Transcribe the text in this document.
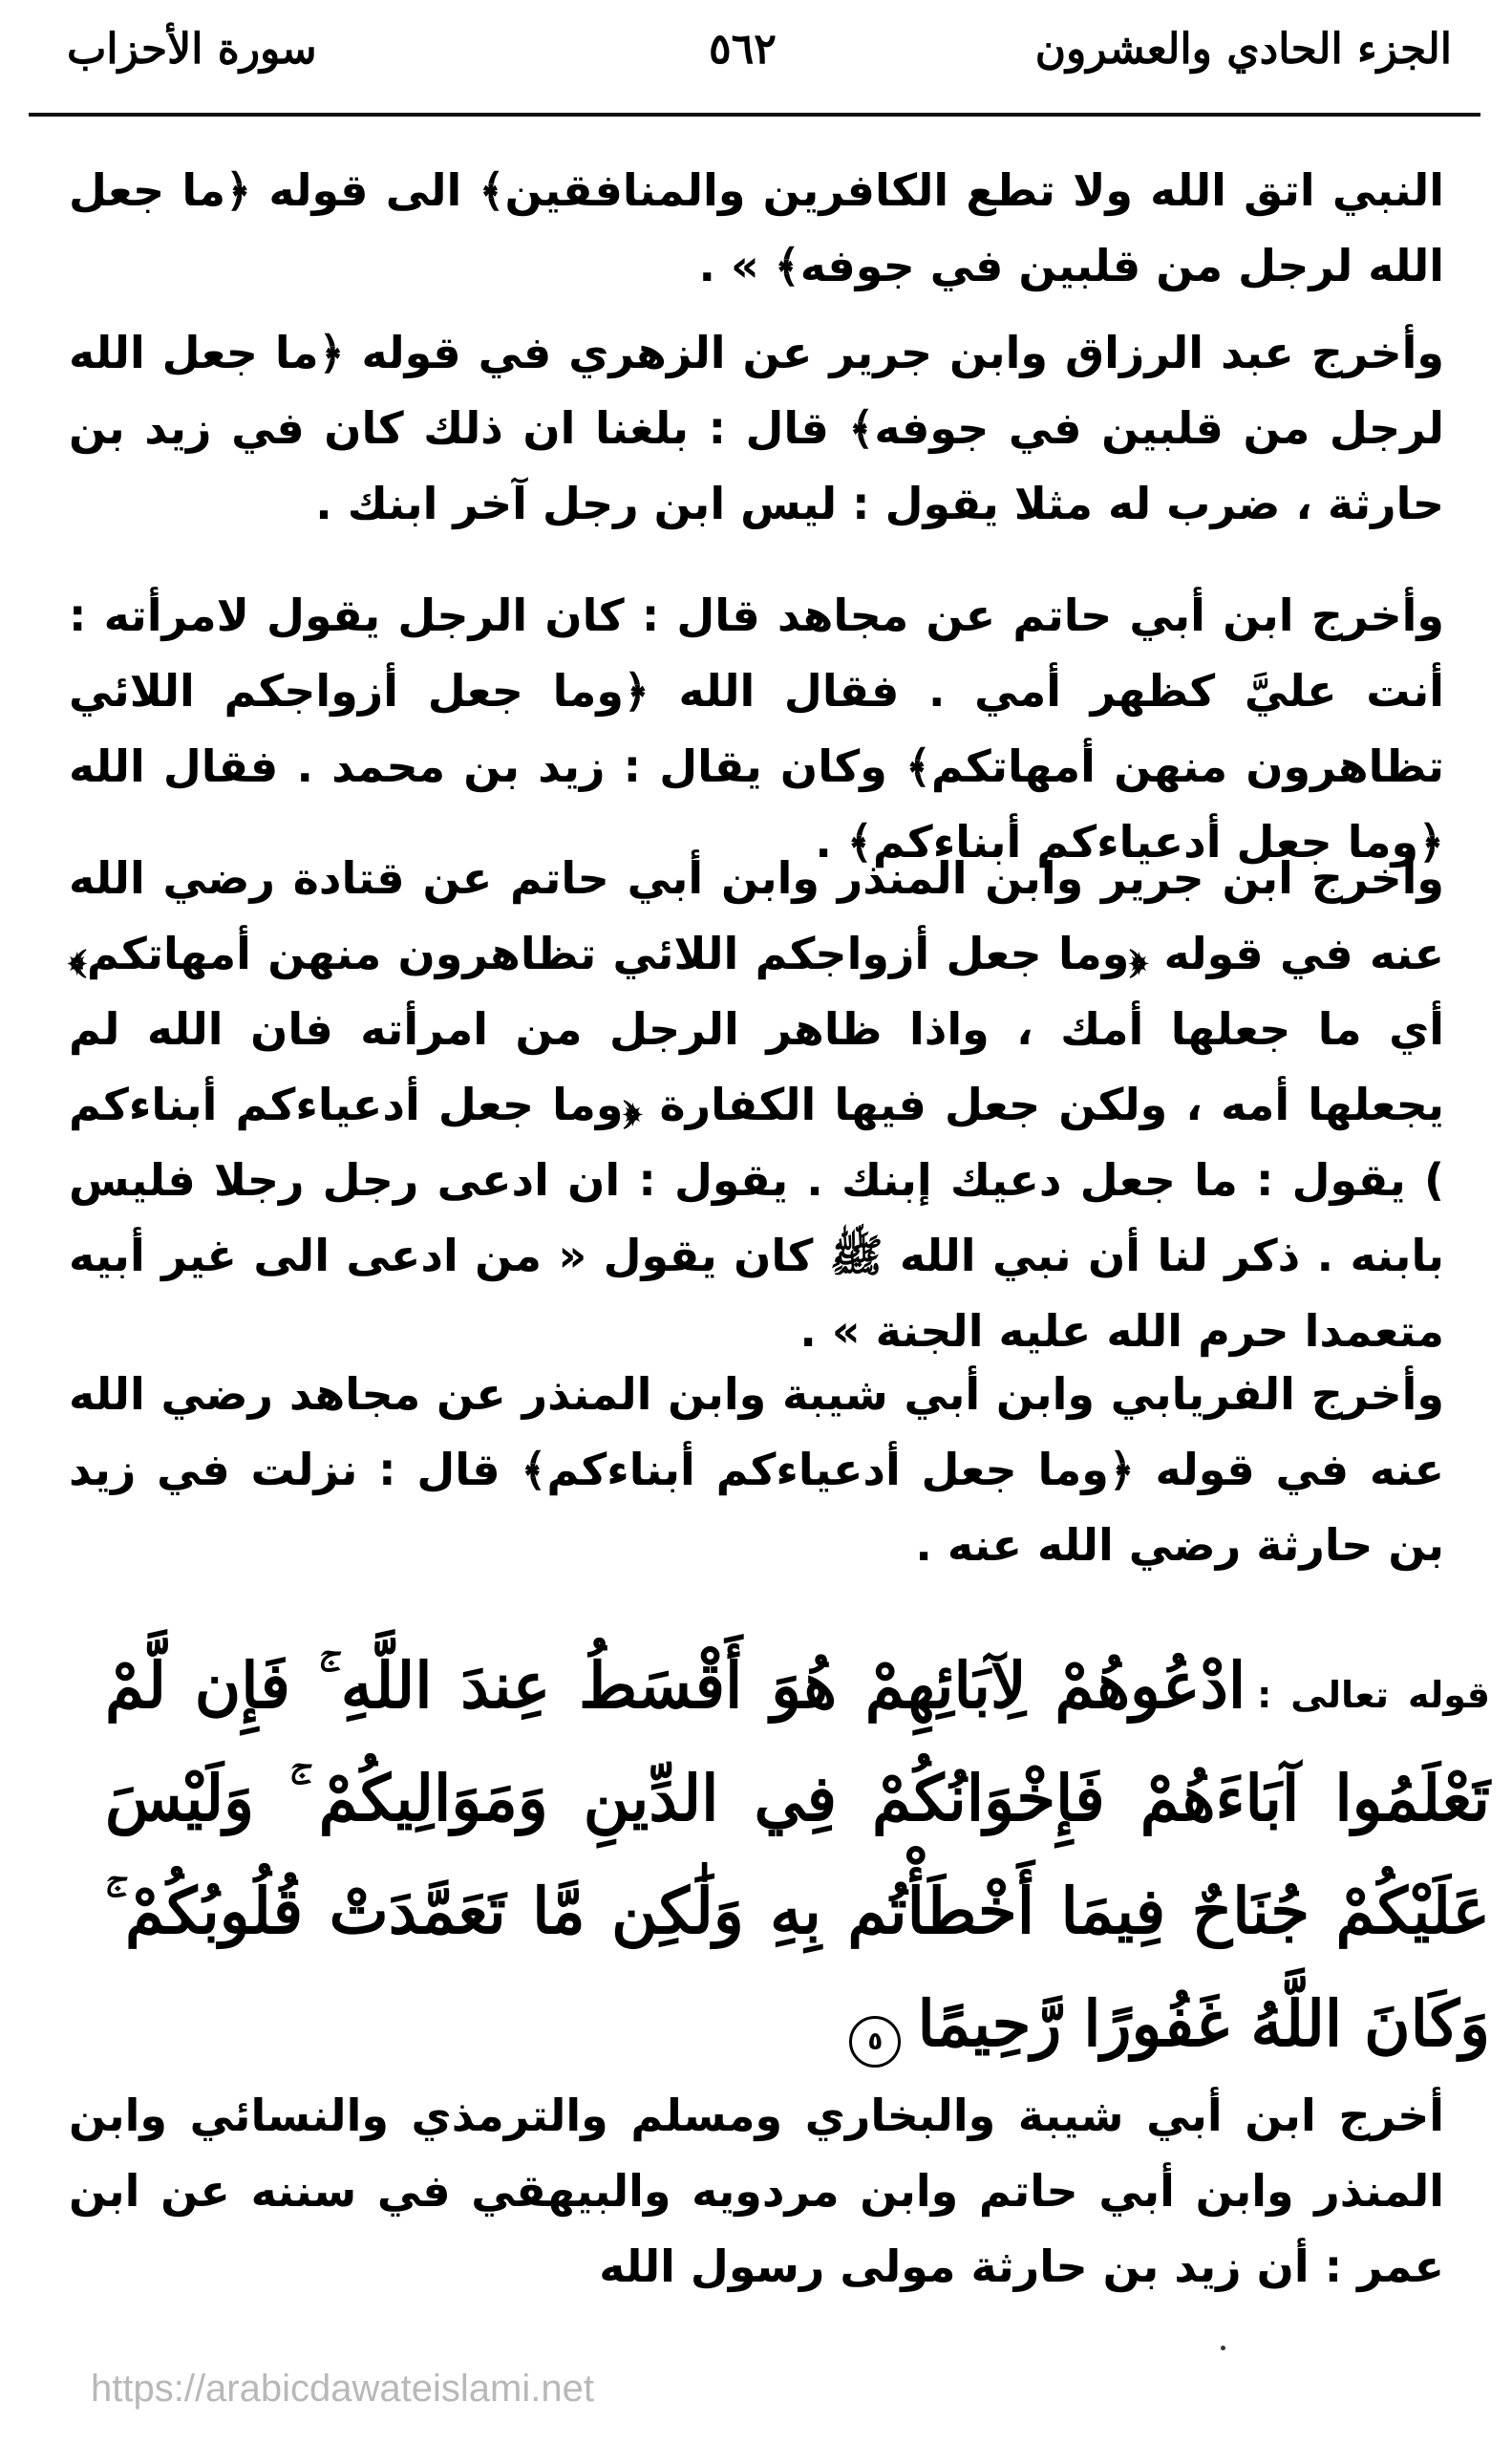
الجزء الحادي والعشرون
٥٦٢
سورة الأحزاب
النبي اتق الله ولا تطع الكافرين والمنافقين﴾ الى قوله ﴿ما جعل الله لرجل من قلبين في جوفه﴾ » .
وأخرج عبد الرزاق وابن جرير عن الزهري في قوله ﴿ما جعل الله لرجل من قلبين في جوفه﴾ قال : بلغنا ان ذلك كان في زيد بن حارثة ، ضرب له مثلا يقول : ليس ابن رجل آخر ابنك .
وأخرج ابن أبي حاتم عن مجاهد قال : كان الرجل يقول لامرأته : أنت عليَّ كظهر أمي . فقال الله ﴿وما جعل أزواجكم اللائي تظاهرون منهن أمهاتكم﴾ وكان يقال : زيد بن محمد . فقال الله ﴿وما جعل أدعياءكم أبناءكم﴾ .
وأخرج ابن جرير وابن المنذر وابن أبي حاتم عن قتادة رضي الله عنه في قوله ﴿وما جعل أزواجكم اللائي تظاهرون منهن أمهاتكم﴾ أي ما جعلها أمك ، واذا ظاهر الرجل من امرأته فان الله لم يجعلها أمه ، ولكن جعل فيها الكفارة ﴿وما جعل أدعياءكم أبناءكم ) يقول : ما جعل دعيك إبنك . يقول : ان ادعى رجل رجلا فليس بابنه . ذكر لنا أن نبي الله ﷺ كان يقول « من ادعى الى غير أبيه متعمدا حرم الله عليه الجنة » .
وأخرج الفريابي وابن أبي شيبة وابن المنذر عن مجاهد رضي الله عنه في قوله ﴿وما جعل أدعياءكم أبناءكم﴾ قال : نزلت في زيد بن حارثة رضي الله عنه .
قوله تعالى : ادْعُوهُمْ لِآبَائِهِمْ هُوَ أَقْسَطُ عِندَ اللَّهِ ۚ فَإِن لَّمْ تَعْلَمُوا آبَاءَهُمْ فَإِخْوَانُكُمْ فِي الدِّينِ وَمَوَالِيكُمْ ۚ وَلَيْسَ عَلَيْكُمْ جُنَاحٌ فِيمَا أَخْطَأْتُم بِهِ وَلَٰكِن مَّا تَعَمَّدَتْ قُلُوبُكُمْ ۚ وَكَانَ اللَّهُ غَفُورًا رَّحِيمًا ٥
أخرج ابن أبي شيبة والبخاري ومسلم والترمذي والنسائي وابن المنذر وابن أبي حاتم وابن مردويه والبيهقي في سننه عن ابن عمر : أن زيد بن حارثة مولى رسول الله
https://arabicdawateislami.net
